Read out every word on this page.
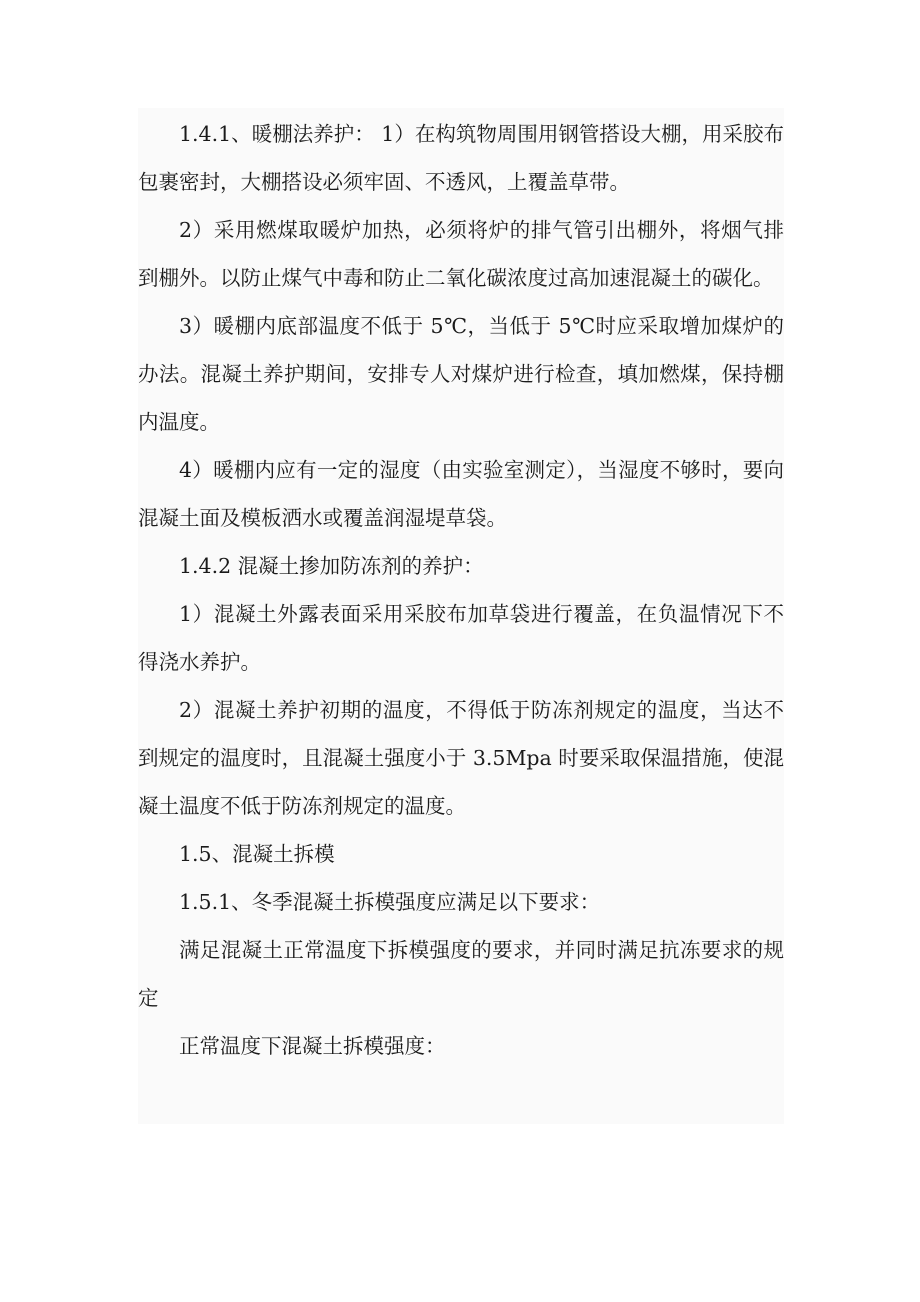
1.4.1、暖棚法养护： 1）在构筑物周围用钢管搭设大棚，用采胶布包裹密封，大棚搭设必须牢固、不透风，上覆盖草带。

2）采用燃煤取暖炉加热，必须将炉的排气管引出棚外，将烟气排到棚外。以防止煤气中毒和防止二氧化碳浓度过高加速混凝土的碳化。

3）暖棚内底部温度不低于 5℃，当低于 5℃时应采取增加煤炉的办法。混凝土养护期间，安排专人对煤炉进行检查，填加燃煤，保持棚内温度。

4）暖棚内应有一定的湿度（由实验室测定），当湿度不够时，要向混凝土面及模板洒水或覆盖润湿堤草袋。

1.4.2 混凝土掺加防冻剂的养护：

1）混凝土外露表面采用采胶布加草袋进行覆盖，在负温情况下不得浇水养护。

2）混凝土养护初期的温度，不得低于防冻剂规定的温度，当达不到规定的温度时，且混凝土强度小于 3.5Mpa 时要采取保温措施，使混凝土温度不低于防冻剂规定的温度。

1.5、混凝土拆模

1.5.1、冬季混凝土拆模强度应满足以下要求：

满足混凝土正常温度下拆模强度的要求，并同时满足抗冻要求的规定

正常温度下混凝土拆模强度：
